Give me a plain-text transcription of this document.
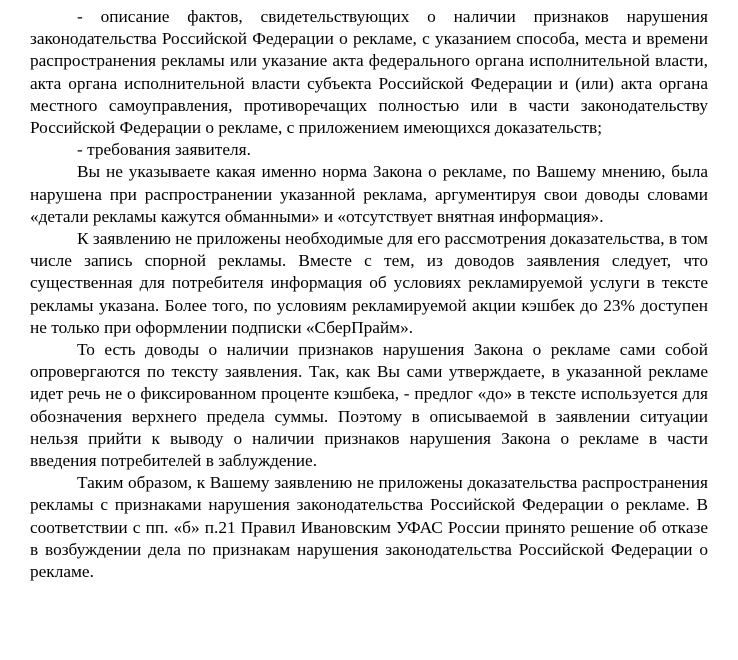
- описание фактов, свидетельствующих о наличии признаков нарушения законодательства Российской Федерации о рекламе, с указанием способа, места и времени распространения рекламы или указание акта федерального органа исполнительной власти, акта органа исполнительной власти субъекта Российской Федерации и (или) акта органа местного самоуправления, противоречащих полностью или в части законодательству Российской Федерации о рекламе, с приложением имеющихся доказательств;

- требования заявителя.

Вы не указываете какая именно норма Закона о рекламе, по Вашему мнению, была нарушена при распространении указанной реклама, аргументируя свои доводы словами «детали рекламы кажутся обманными» и «отсутствует внятная информация».

К заявлению не приложены необходимые для его рассмотрения доказательства, в том числе запись спорной рекламы. Вместе с тем, из доводов заявления следует, что существенная для потребителя информация об условиях рекламируемой услуги в тексте рекламы указана. Более того, по условиям рекламируемой акции кэшбек до 23% доступен не только при оформлении подписки «СберПрайм».

То есть доводы о наличии признаков нарушения Закона о рекламе сами собой опровергаются по тексту заявления. Так, как Вы сами утверждаете, в указанной рекламе идет речь не о фиксированном проценте кэшбека, - предлог «до» в тексте используется для обозначения верхнего предела суммы. Поэтому в описываемой в заявлении ситуации нельзя прийти к выводу о наличии признаков нарушения Закона о рекламе в части введения потребителей в заблуждение.

Таким образом, к Вашему заявлению не приложены доказательства распространения рекламы с признаками нарушения законодательства Российской Федерации о рекламе. В соответствии с пп. «б» п.21 Правил Ивановским УФАС России принято решение об отказе в возбуждении дела по признакам нарушения законодательства Российской Федерации о рекламе.
